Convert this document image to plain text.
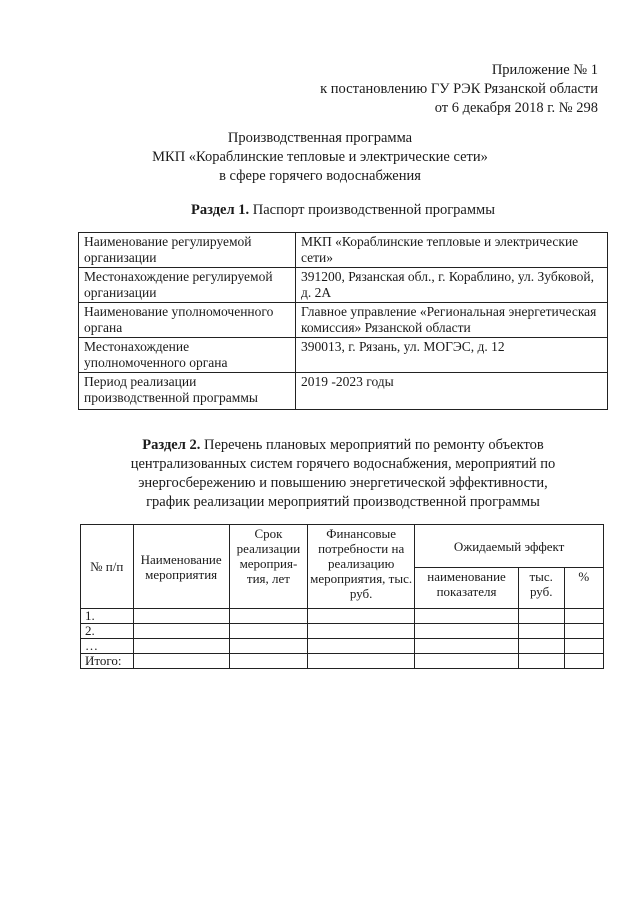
Приложение № 1
к постановлению ГУ РЭК Рязанской области
от 6 декабря 2018 г. № 298
Производственная программа
МКП «Кораблинские тепловые и электрические сети»
в сфере горячего водоснабжения
Раздел 1. Паспорт производственной программы
Наименование регулируемой организации	МКП «Кораблинские тепловые и электрические сети»
Местонахождение регулируемой организации	391200, Рязанская обл., г. Кораблино, ул. Зубковой, д. 2А
Наименование уполномоченного органа	Главное управление «Региональная энергетическая комиссия» Рязанской области
Местонахождение уполномоченного органа	390013, г. Рязань, ул. МОГЭС, д. 12
Период реализации производственной программы	2019 -2023 годы
Раздел 2. Перечень плановых мероприятий по ремонту объектов
централизованных систем горячего водоснабжения, мероприятий по
энергосбережению и повышению энергетической эффективности,
график реализации мероприятий производственной программы
№ п/п	Наименование мероприятия	Срок реализации мероприя-тия, лет	Финансовые потребности на реализацию мероприятия, тыс. руб.	Ожидаемый эффект		
				наименование показателя	тыс. руб.	%
1.						
2.						
…						
Итого:						
